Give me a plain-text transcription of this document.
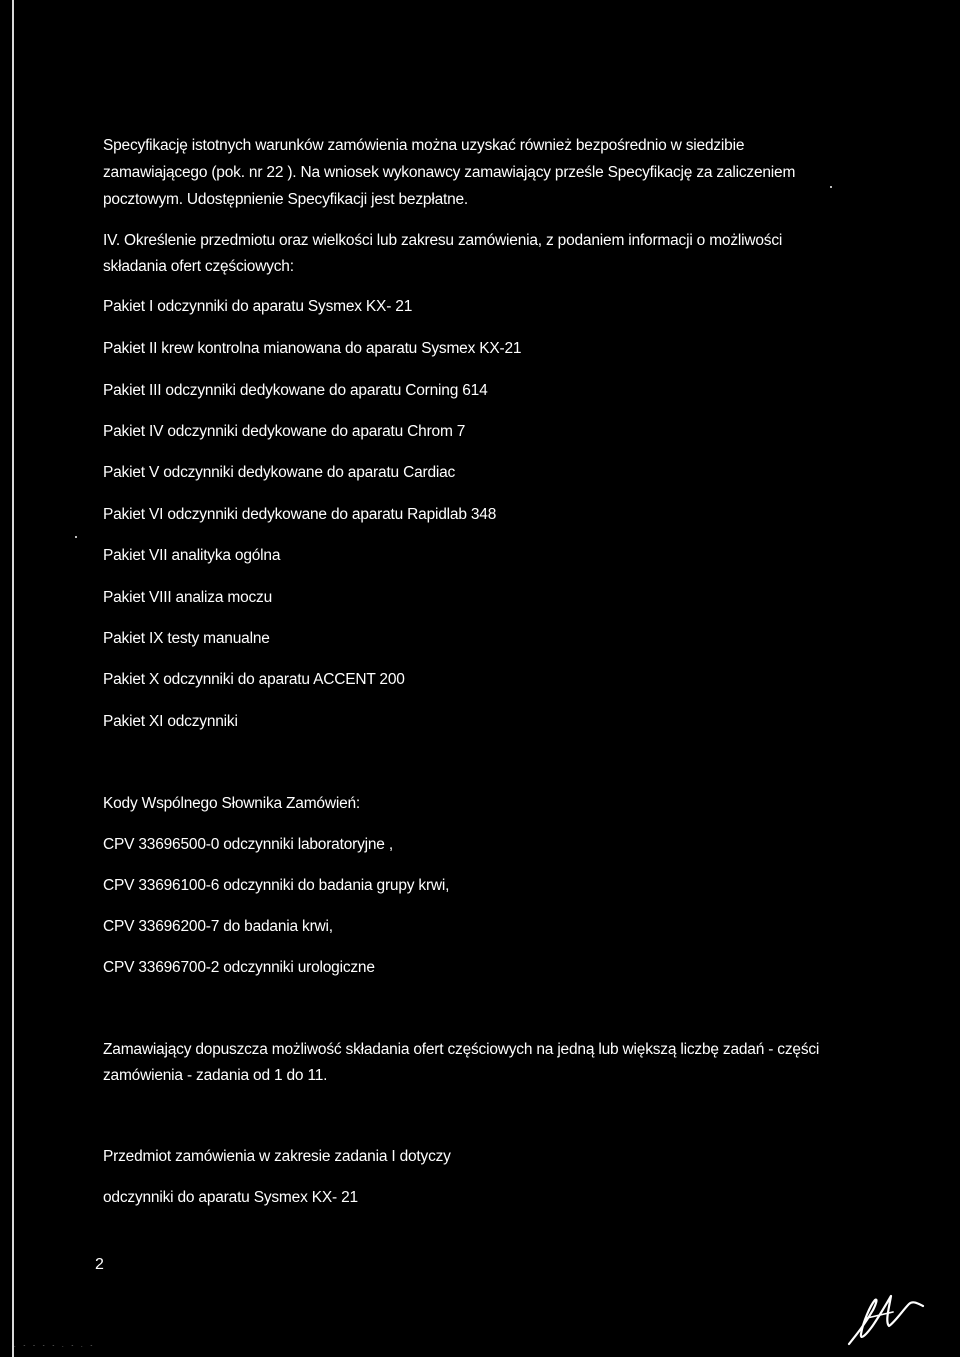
Specyfikację istotnych warunków zamówienia można uzyskać również bezpośrednio w siedzibie
zamawiającego (pok. nr 22 ). Na wniosek wykonawcy zamawiający prześle Specyfikację za zaliczeniem
pocztowym. Udostępnienie Specyfikacji jest bezpłatne.
IV. Określenie przedmiotu oraz wielkości lub zakresu zamówienia, z podaniem informacji o możliwości
składania ofert częściowych:
Pakiet I odczynniki do aparatu Sysmex KX- 21
Pakiet II krew kontrolna mianowana do aparatu Sysmex KX-21
Pakiet III odczynniki dedykowane do aparatu Corning 614
Pakiet IV odczynniki dedykowane do aparatu Chrom 7
Pakiet V odczynniki dedykowane do aparatu Cardiac
Pakiet VI odczynniki dedykowane do aparatu Rapidlab 348
Pakiet VII analityka ogólna
Pakiet VIII analiza moczu
Pakiet IX testy manualne
Pakiet X odczynniki do aparatu ACCENT 200
Pakiet XI odczynniki
Kody Wspólnego Słownika Zamówień:
CPV 33696500-0 odczynniki laboratoryjne ,
CPV 33696100-6 odczynniki do badania grupy krwi,
CPV 33696200-7 do badania krwi,
CPV 33696700-2 odczynniki urologiczne
Zamawiający dopuszcza możliwość składania ofert częściowych na jedną lub większą liczbę zadań - części
zamówienia - zadania od 1 do 11.
Przedmiot zamówienia w zakresie zadania I dotyczy
odczynniki do aparatu Sysmex KX- 21
2
. - - - - . - . -
